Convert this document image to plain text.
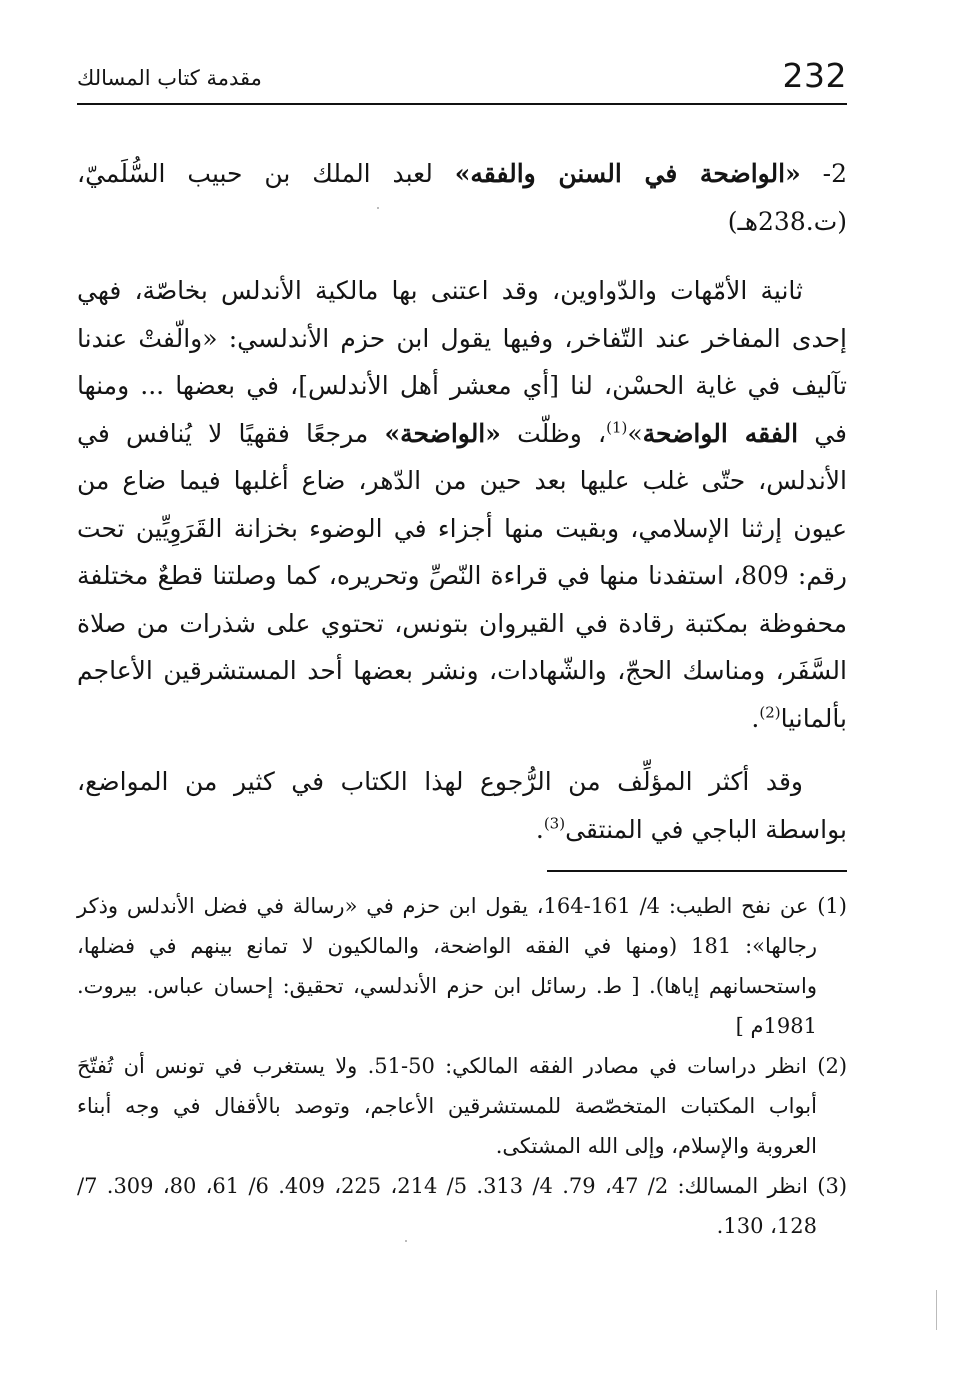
232
مقدمة كتاب المسالك

2- «الواضحة في السنن والفقه» لعبد الملك بن حبيب السُّلَميّ، (ت.238هـ)

ثانية الأمّهات والدّواوين، وقد اعتنى بها مالكية الأندلس بخاصّة، فهي إحدى المفاخر عند التّفاخر، وفيها يقول ابن حزم الأندلسي: «والّفتْ عندنا تآليف في غاية الحسْن، لنا [أي معشر أهل الأندلس]، في بعضها ... ومنها في الفقه الواضحة»$^{(1)}$، وظلّت «الواضحة» مرجعًا فقهيًا لا يُنافس في الأندلس، حتّى غلب عليها بعد حين من الدّهر، ضاع أغلبها فيما ضاع من عيون إرثنا الإسلامي، وبقيت منها أجزاء في الوضوء بخزانة القَرَوِيِّين تحت رقم: 809، استفدنا منها في قراءة النّصِّ وتحريره، كما وصلتنا قطعٌ مختلفة محفوظة بمكتبة رقادة في القيروان بتونس، تحتوي على شذرات من صلاة السَّفَر، ومناسك الحجّ، والشّهادات، ونشر بعضها أحد المستشرقين الأعاجم بألمانيا$^{(2)}$.

وقد أكثر المؤلِّف من الرُّجوع لهذا الكتاب في كثير من المواضع، بواسطة الباجي في المنتقى$^{(3)}$.

(1) عن نفح الطيب: 4/ 161-164، يقول ابن حزم في «رسالة في فضل الأندلس وذكر رجالها»: 181 (ومنها في الفقه الواضحة، والمالكيون لا تمانع بينهم في فضلها، واستحسانهم إياها). [ ط. رسائل ابن حزم الأندلسي، تحقيق: إحسان عباس. بيروت. 1981م ]

(2) انظر دراسات في مصادر الفقه المالكي: 50-51. ولا يستغرب في تونس أن تُفتّحَ أبواب المكتبات المتخصّصة للمستشرقين الأعاجم، وتوصد بالأقفال في وجه أبناء العروبة والإسلام، وإلى الله المشتكى.

(3) انظر المسالك: 2/ 47، 79. 4/ 313. 5/ 214، 225، 409. 6/ 61، 80، 309. 7/ 128، 130.
